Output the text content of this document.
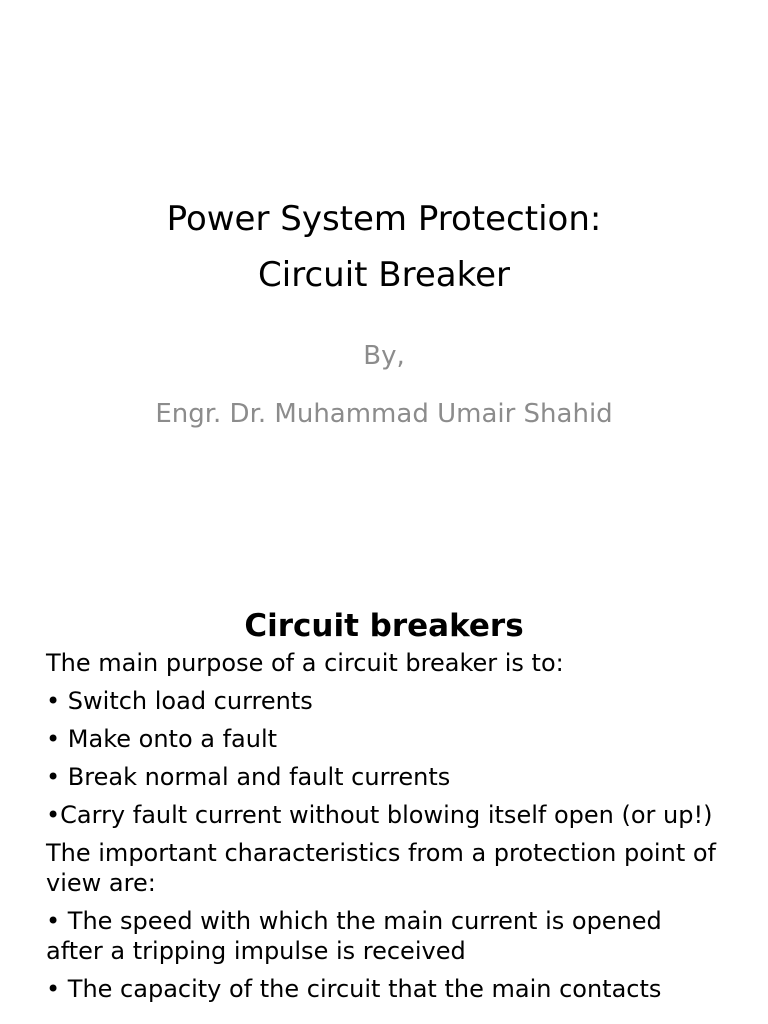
Power System Protection:
Circuit Breaker
By,
Engr. Dr. Muhammad Umair Shahid
Circuit breakers
The main purpose of a circuit breaker is to:
• Switch load currents
• Make onto a fault
• Break normal and fault currents
•Carry fault current without blowing itself open (or up!)
The important characteristics from a protection point of view are:
• The speed with which the main current is opened after a tripping impulse is received
• The capacity of the circuit that the main contacts
